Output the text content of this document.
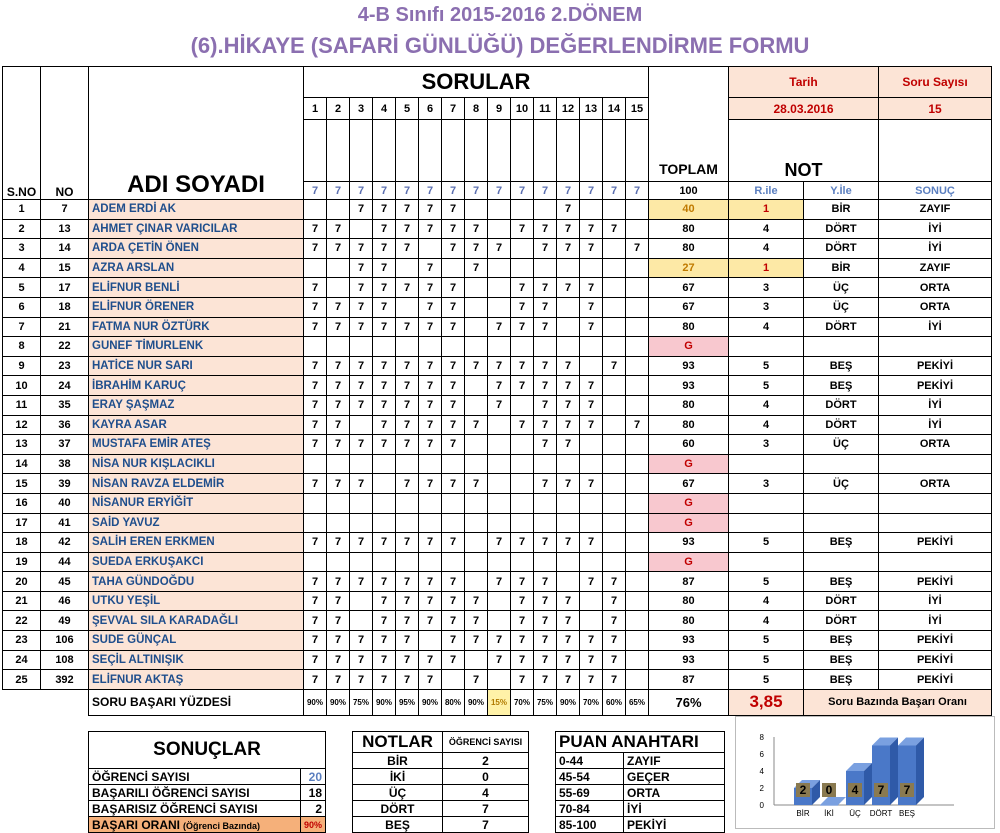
4-B Sınıfı 2015-2016 2.DÖNEM
(6).HİKAYE (SAFARİ GÜNLÜĞÜ) DEĞERLENDİRME FORMU
S.NO	NO	ADI SOYADI	SORULAR															TOPLAM	Tarih		Soru Sayısı
			1	2	3	4	5	6	7	8	9	10	11	12	13	14	15		28.03.2016		15
																			NOT		
			7	7	7	7	7	7	7	7	7	7	7	7	7	7	7	100	R.ile	Y.İle	SONUÇ
1	7	ADEM ERDİ AK			7	7	7	7	7					7				40	1	BİR	ZAYIF
2	13	AHMET ÇINAR VARICILAR	7	7		7	7	7	7	7		7	7	7	7	7		80	4	DÖRT	İYİ
3	14	ARDA ÇETİN ÖNEN	7	7	7	7	7		7	7	7		7	7	7		7	80	4	DÖRT	İYİ
4	15	AZRA ARSLAN			7	7		7		7								27	1	BİR	ZAYIF
5	17	ELİFNUR BENLİ	7		7	7	7	7	7			7	7	7	7			67	3	ÜÇ	ORTA
6	18	ELİFNUR ÖRENER	7	7	7	7		7	7			7	7		7			67	3	ÜÇ	ORTA
7	21	FATMA NUR ÖZTÜRK	7	7	7	7	7	7	7		7	7	7		7			80	4	DÖRT	İYİ
8	22	GUNEF TİMURLENK																G			
9	23	HATİCE NUR SARI	7	7	7	7	7	7	7	7	7	7	7	7		7		93	5	BEŞ	PEKİYİ
10	24	İBRAHİM KARUÇ	7	7	7	7	7	7	7		7	7	7	7	7			93	5	BEŞ	PEKİYİ
11	35	ERAY ŞAŞMAZ	7	7	7	7	7	7	7		7		7	7	7			80	4	DÖRT	İYİ
12	36	KAYRA ASAR	7	7		7	7	7	7	7		7	7	7	7		7	80	4	DÖRT	İYİ
13	37	MUSTAFA EMİR ATEŞ	7	7	7	7	7	7	7				7	7				60	3	ÜÇ	ORTA
14	38	NİSA NUR KIŞLACIKLI																G			
15	39	NİSAN RAVZA ELDEMİR	7	7	7		7	7	7	7			7	7	7			67	3	ÜÇ	ORTA
16	40	NİSANUR ERYİĞİT																G			
17	41	SAİD YAVUZ																G			
18	42	SALİH EREN ERKMEN	7	7	7	7	7	7	7		7	7	7	7	7			93	5	BEŞ	PEKİYİ
19	44	SUEDA ERKUŞAKCI																G			
20	45	TAHA GÜNDOĞDU	7	7	7	7	7	7	7		7	7	7		7	7		87	5	BEŞ	PEKİYİ
21	46	UTKU YEŞİL	7	7		7	7	7	7	7		7	7	7		7		80	4	DÖRT	İYİ
22	49	ŞEVVAL SILA KARADAĞLI	7	7		7	7	7	7	7		7	7	7		7		80	4	DÖRT	İYİ
23	106	SUDE GÜNÇAL	7	7	7	7	7		7	7	7	7	7	7	7	7		93	5	BEŞ	PEKİYİ
24	108	SEÇİL ALTINIŞIK	7	7	7	7	7	7	7		7	7	7	7	7	7		93	5	BEŞ	PEKİYİ
25	392	ELİFNUR AKTAŞ	7	7	7	7	7	7		7		7	7	7	7	7		87	5	BEŞ	PEKİYİ
		SORU BAŞARI YÜZDESİ	90%	90%	75%	90%	95%	90%	80%	90%	15%	70%	75%	90%	70%	60%	65%	76%	3,85	Soru Bazında Başarı Oranı	
SONUÇLAR	
ÖĞRENCİ SAYISI	20
BAŞARILI ÖĞRENCİ SAYISI	18
BAŞARISIZ ÖĞRENCİ SAYISI	2
BAŞARI ORANI (Öğrenci Bazında)	90%
NOTLAR	ÖĞRENCİ SAYISI
BİR	2
İKİ	0
ÜÇ	4
DÖRT	7
BEŞ	7
PUAN ANAHTARI	
0-44	ZAYIF
45-54	GEÇER
55-69	ORTA
70-84	İYİ
85-100	PEKİYİ
0
2
4
6
8
2
BİR
0
İKİ
4
ÜÇ
7
DÖRT
7
BEŞ
